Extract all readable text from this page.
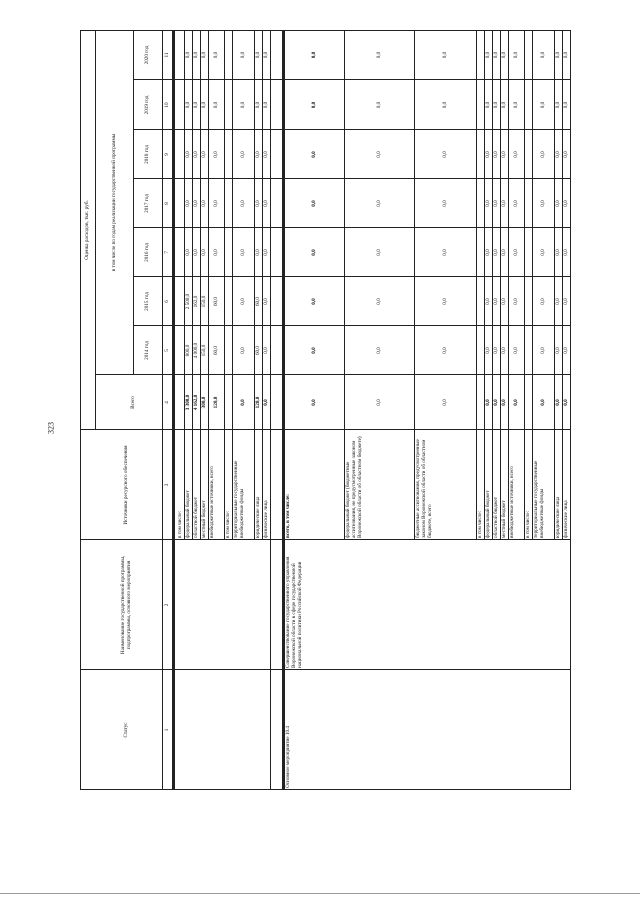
323
Статус
Наименование государственной программы, подпрограммы, основного мероприятия
Источники ресурсного обеспечения
Оценка расходов, тыс. руб.
Всего
в том числе по годам реализации государственной программы
Основное мероприятие 10.4
Совершенствование государственного управления Воронежской области в сфере государственной национальной политики Российской Федерации
2014 год
2015 год
2016 год
2017 год
2018 год
2019 год
2020 год
1
2
3
4
5
6
7
8
9
10
11
в том числе: федеральный бюджет
3 300,0
800,0
2 500,0
0,0
0,0
0,0
0,0
0,0
областной бюджет
4 162,0
4 000,0
162,0
0,0
0,0
0,0
0,0
0,0
местный бюджет
300,0
150,0
150,0
0,0
0,0
0,0
0,0
0,0
внебюджетные источники, всего
120,0
60,0
60,0
0,0
0,0
0,0
0,0
0,0
в том числе: территориальные государственные внебюджетные фонды
0,0
0,0
0,0
0,0
0,0
0,0
0,0
0,0
юридические лица
120,0
60,0
60,0
0,0
0,0
0,0
0,0
0,0
физические лица
0,0
0,0
0,0
0,0
0,0
0,0
0,0
0,0
всего, в том числе:
0,0
0,0
0,0
0,0
0,0
0,0
0,0
0,0
федеральный бюджет (бюджетные ассигнования, не предусмотренные законом Воронежской области об областном бюджете)
0,0
0,0
0,0
0,0
0,0
0,0
0,0
0,0
бюджетные ассигнования, предусмотренные законом Воронежской области об областном бюджете, всего
0,0
0,0
0,0
0,0
0,0
0,0
0,0
0,0
в том числе: федеральный бюджет
0,0
0,0
0,0
0,0
0,0
0,0
0,0
0,0
областной бюджет
0,0
0,0
0,0
0,0
0,0
0,0
0,0
0,0
местный бюджет
0,0
0,0
0,0
0,0
0,0
0,0
0,0
0,0
внебюджетные источники, всего
0,0
0,0
0,0
0,0
0,0
0,0
0,0
0,0
в том числе: территориальные государственные внебюджетные фонды
0,0
0,0
0,0
0,0
0,0
0,0
0,0
0,0
юридические лица
0,0
0,0
0,0
0,0
0,0
0,0
0,0
0,0
физические лица
0,0
0,0
0,0
0,0
0,0
0,0
0,0
0,0
